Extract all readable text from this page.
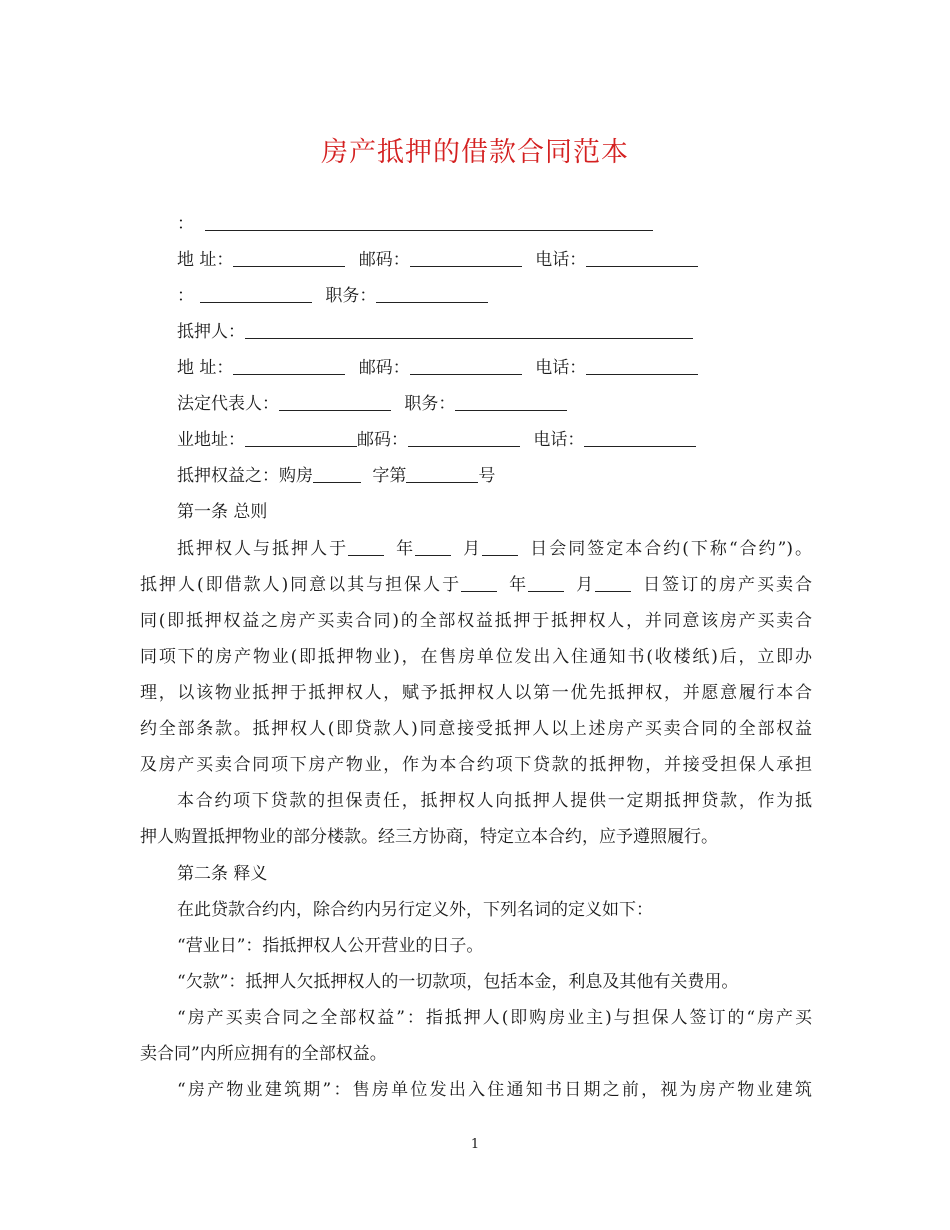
房产抵押的借款合同范本
：
地 址：	邮码：	电话：
：	职务：
抵押人：
地 址：	邮码：	电话：
法定代表人：	职务：
业地址：	邮码：	电话：
抵押权益之：购房	字第	号
第一条 总则
抵押权人与抵押人于	年	月	日会同签定本合约(下称“合约”)。
抵押人(即借款人)同意以其与担保人于	年	月	日签订的房产买卖合
同(即抵押权益之房产买卖合同)的全部权益抵押于抵押权人，并同意该房产买卖合
同项下的房产物业(即抵押物业)，在售房单位发出入住通知书(收楼纸)后，立即办
理，以该物业抵押于抵押权人，赋予抵押权人以第一优先抵押权，并愿意履行本合
约全部条款。抵押权人(即贷款人)同意接受抵押人以上述房产买卖合同的全部权益
及房产买卖合同项下房产物业，作为本合约项下贷款的抵押物，并接受担保人承担
本合约项下贷款的担保责任，抵押权人向抵押人提供一定期抵押贷款，作为抵
押人购置抵押物业的部分楼款。经三方协商，特定立本合约，应予遵照履行。
第二条 释义
在此贷款合约内，除合约内另行定义外，下列名词的定义如下：
“营业日”：指抵押权人公开营业的日子。
“欠款”：抵押人欠抵押权人的一切款项，包括本金，利息及其他有关费用。
“房产买卖合同之全部权益”：指抵押人(即购房业主)与担保人签订的“房产买
卖合同”内所应拥有的全部权益。
“房产物业建筑期”：售房单位发出入住通知书日期之前，视为房产物业建筑
1
